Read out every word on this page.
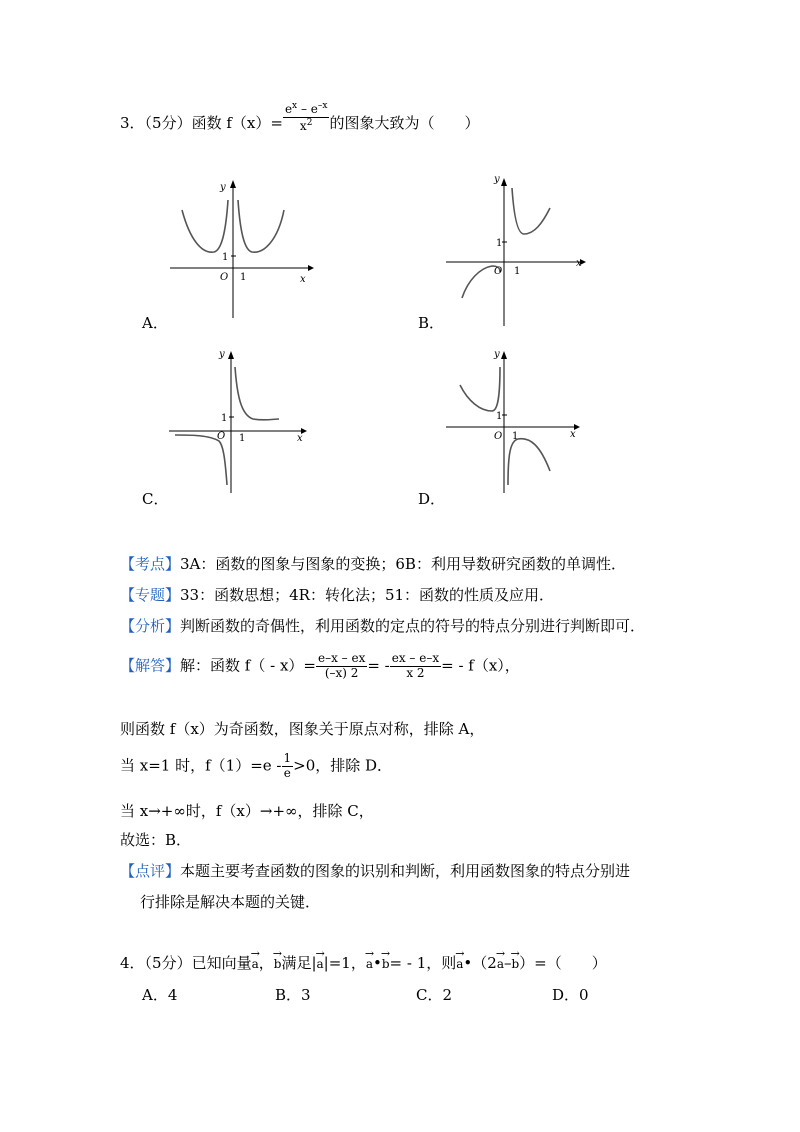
3．（5分）函数 $f(x)= \frac{e^x - e^{-x}}{x^2}$ 的图象大致为（　　）
y
x
O
1
1
A．
y
x
O
1
1
B．
y
x
O
1
1
C．
y
x
O
1
1
D．
【考点】3A：函数的图象与图象的变换；6B：利用导数研究函数的单调性．
【专题】33：函数思想；4R：转化法；51：函数的性质及应用．
【分析】判断函数的奇偶性，利用函数的定点的符号的特点分别进行判断即可．
【解答】解：函数 $f( - x)= \frac{e-x - ex}{(-x) 2}$ = - $\frac{ex - e-x}{x 2}$ = - f（x），
则函数 f（x）为奇函数，图象关于原点对称，排除 A，
当 x=1 时，$f(1)=e - \frac{1}{e} >0$，排除 D．
当 x→+∞时，f（x）→+∞，排除 C，
故选：B．
【点评】本题主要考查函数的图象的识别和判断，利用函数图象的特点分别进
行排除是解决本题的关键．
4．（5分）已知向量→ a，→ b满足|→ a|=1，→ a•→ b= - 1，则→ a•（2→ a–→ b）=（　　）
A．4	B．3	C．2	D．0
